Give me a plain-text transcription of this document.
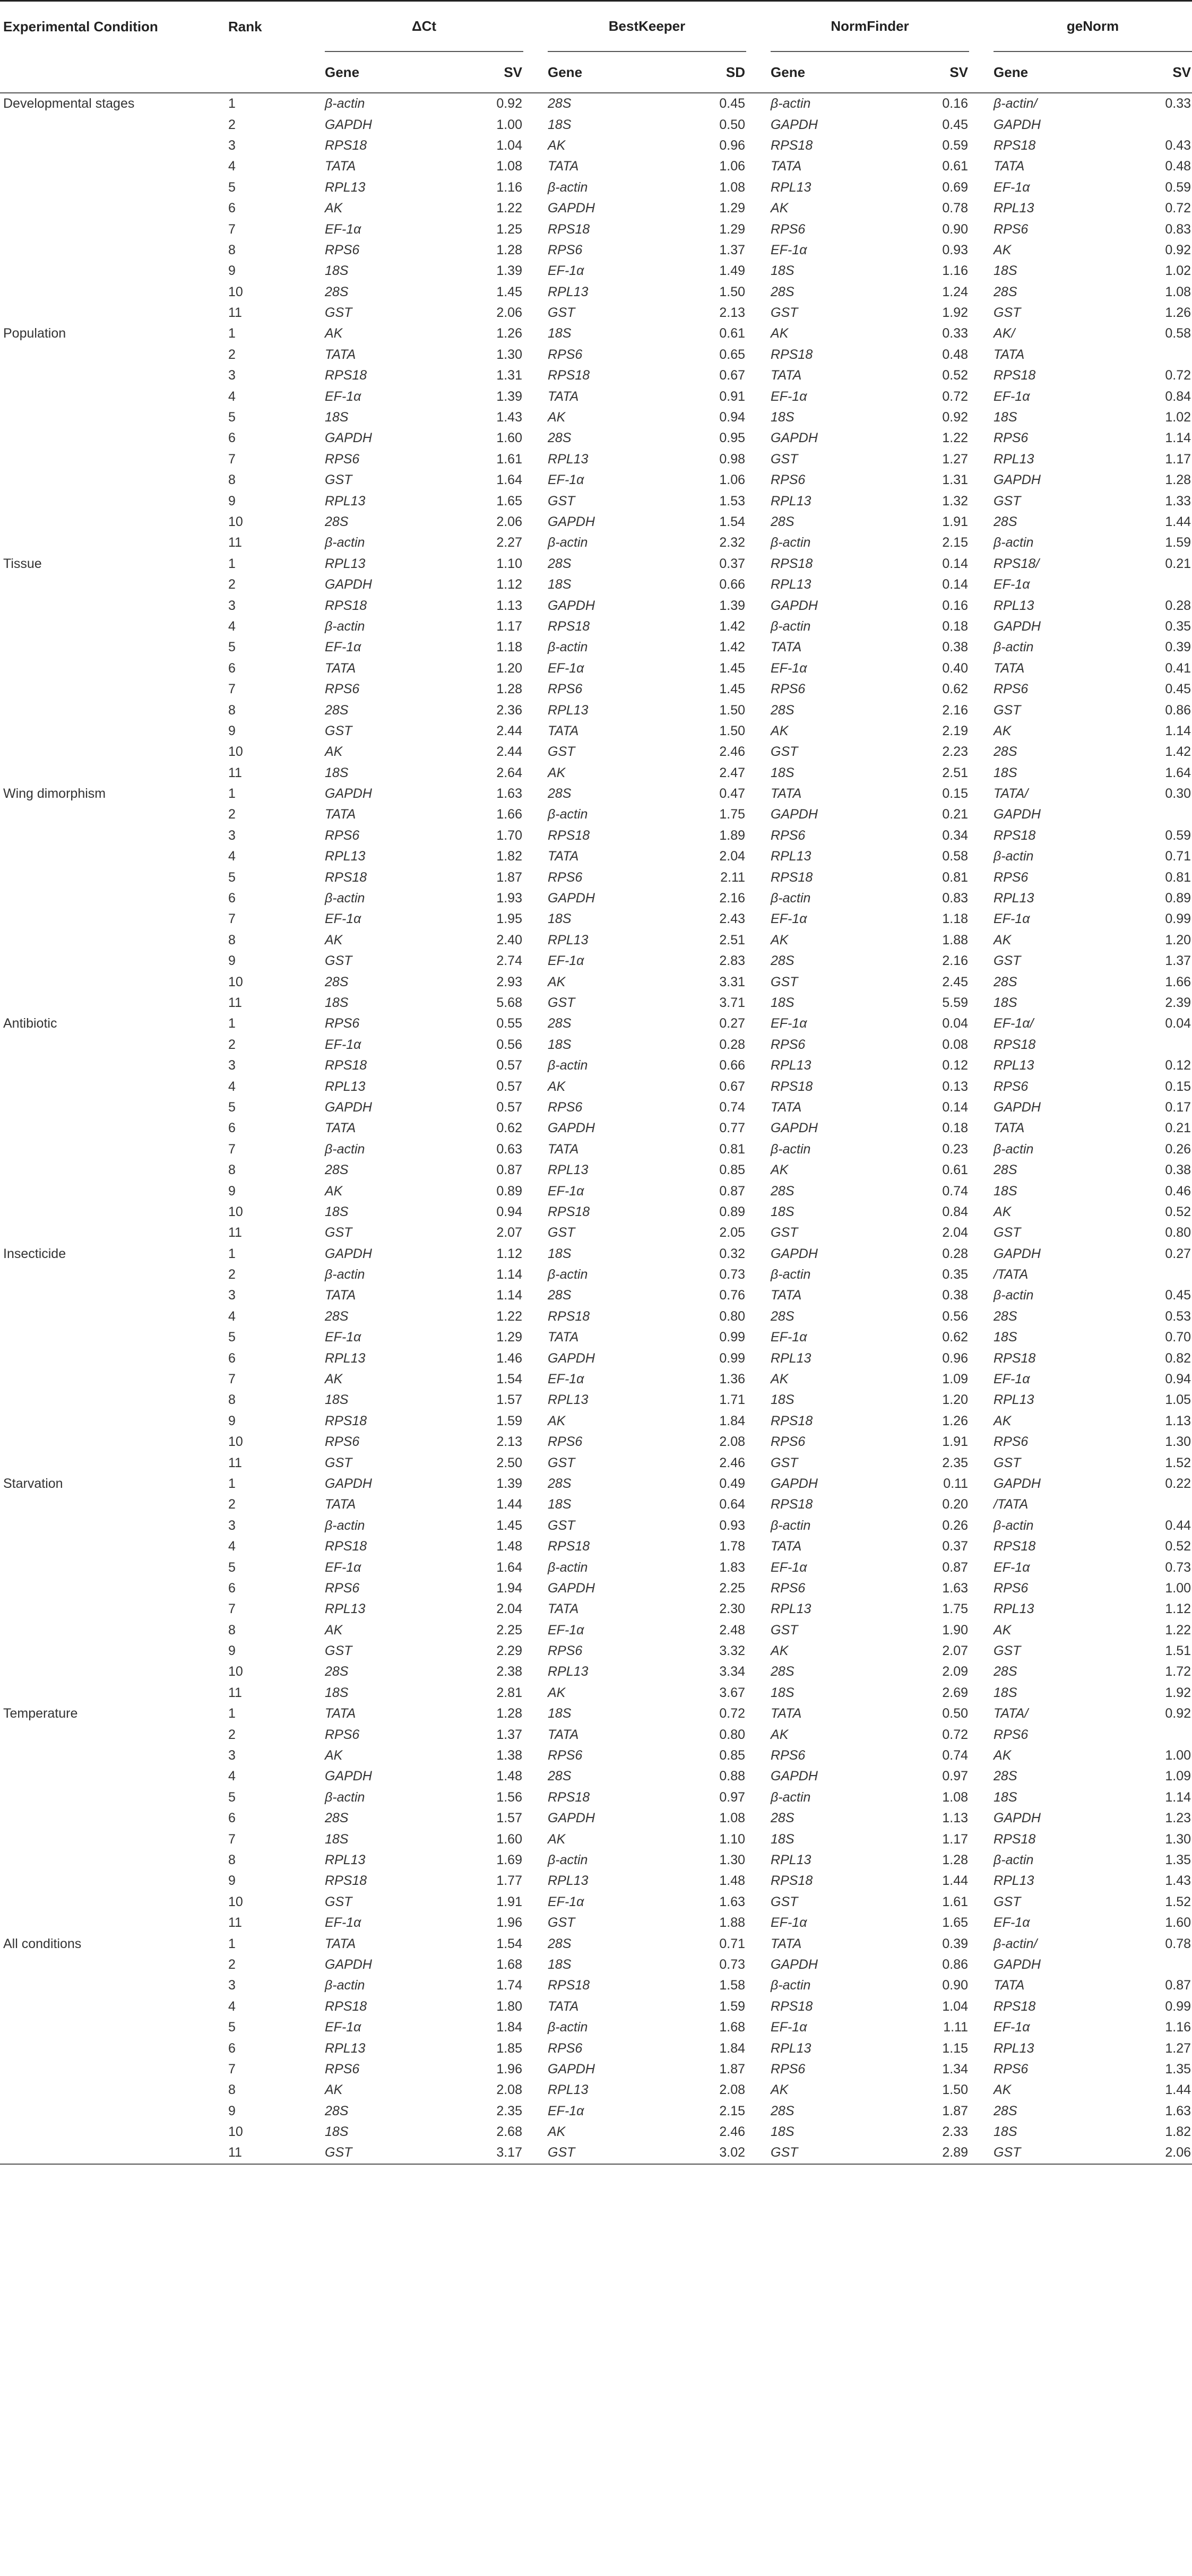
Experimental Condition	Rank	ΔCt			BestKeeper			NormFinder			geNorm	
		Gene	SV		Gene	SD		Gene	SV		Gene	SV
Developmental stages	1	β-actin	0.92		28S	0.45		β-actin	0.16		β-actin/	0.33
	2	GAPDH	1.00		18S	0.50		GAPDH	0.45		GAPDH	
	3	RPS18	1.04		AK	0.96		RPS18	0.59		RPS18	0.43
	4	TATA	1.08		TATA	1.06		TATA	0.61		TATA	0.48
	5	RPL13	1.16		β-actin	1.08		RPL13	0.69		EF-1α	0.59
	6	AK	1.22		GAPDH	1.29		AK	0.78		RPL13	0.72
	7	EF-1α	1.25		RPS18	1.29		RPS6	0.90		RPS6	0.83
	8	RPS6	1.28		RPS6	1.37		EF-1α	0.93		AK	0.92
	9	18S	1.39		EF-1α	1.49		18S	1.16		18S	1.02
	10	28S	1.45		RPL13	1.50		28S	1.24		28S	1.08
	11	GST	2.06		GST	2.13		GST	1.92		GST	1.26
Population	1	AK	1.26		18S	0.61		AK	0.33		AK/	0.58
	2	TATA	1.30		RPS6	0.65		RPS18	0.48		TATA	
	3	RPS18	1.31		RPS18	0.67		TATA	0.52		RPS18	0.72
	4	EF-1α	1.39		TATA	0.91		EF-1α	0.72		EF-1α	0.84
	5	18S	1.43		AK	0.94		18S	0.92		18S	1.02
	6	GAPDH	1.60		28S	0.95		GAPDH	1.22		RPS6	1.14
	7	RPS6	1.61		RPL13	0.98		GST	1.27		RPL13	1.17
	8	GST	1.64		EF-1α	1.06		RPS6	1.31		GAPDH	1.28
	9	RPL13	1.65		GST	1.53		RPL13	1.32		GST	1.33
	10	28S	2.06		GAPDH	1.54		28S	1.91		28S	1.44
	11	β-actin	2.27		β-actin	2.32		β-actin	2.15		β-actin	1.59
Tissue	1	RPL13	1.10		28S	0.37		RPS18	0.14		RPS18/	0.21
	2	GAPDH	1.12		18S	0.66		RPL13	0.14		EF-1α	
	3	RPS18	1.13		GAPDH	1.39		GAPDH	0.16		RPL13	0.28
	4	β-actin	1.17		RPS18	1.42		β-actin	0.18		GAPDH	0.35
	5	EF-1α	1.18		β-actin	1.42		TATA	0.38		β-actin	0.39
	6	TATA	1.20		EF-1α	1.45		EF-1α	0.40		TATA	0.41
	7	RPS6	1.28		RPS6	1.45		RPS6	0.62		RPS6	0.45
	8	28S	2.36		RPL13	1.50		28S	2.16		GST	0.86
	9	GST	2.44		TATA	1.50		AK	2.19		AK	1.14
	10	AK	2.44		GST	2.46		GST	2.23		28S	1.42
	11	18S	2.64		AK	2.47		18S	2.51		18S	1.64
Wing dimorphism	1	GAPDH	1.63		28S	0.47		TATA	0.15		TATA/	0.30
	2	TATA	1.66		β-actin	1.75		GAPDH	0.21		GAPDH	
	3	RPS6	1.70		RPS18	1.89		RPS6	0.34		RPS18	0.59
	4	RPL13	1.82		TATA	2.04		RPL13	0.58		β-actin	0.71
	5	RPS18	1.87		RPS6	2.11		RPS18	0.81		RPS6	0.81
	6	β-actin	1.93		GAPDH	2.16		β-actin	0.83		RPL13	0.89
	7	EF-1α	1.95		18S	2.43		EF-1α	1.18		EF-1α	0.99
	8	AK	2.40		RPL13	2.51		AK	1.88		AK	1.20
	9	GST	2.74		EF-1α	2.83		28S	2.16		GST	1.37
	10	28S	2.93		AK	3.31		GST	2.45		28S	1.66
	11	18S	5.68		GST	3.71		18S	5.59		18S	2.39
Antibiotic	1	RPS6	0.55		28S	0.27		EF-1α	0.04		EF-1α/	0.04
	2	EF-1α	0.56		18S	0.28		RPS6	0.08		RPS18	
	3	RPS18	0.57		β-actin	0.66		RPL13	0.12		RPL13	0.12
	4	RPL13	0.57		AK	0.67		RPS18	0.13		RPS6	0.15
	5	GAPDH	0.57		RPS6	0.74		TATA	0.14		GAPDH	0.17
	6	TATA	0.62		GAPDH	0.77		GAPDH	0.18		TATA	0.21
	7	β-actin	0.63		TATA	0.81		β-actin	0.23		β-actin	0.26
	8	28S	0.87		RPL13	0.85		AK	0.61		28S	0.38
	9	AK	0.89		EF-1α	0.87		28S	0.74		18S	0.46
	10	18S	0.94		RPS18	0.89		18S	0.84		AK	0.52
	11	GST	2.07		GST	2.05		GST	2.04		GST	0.80
Insecticide	1	GAPDH	1.12		18S	0.32		GAPDH	0.28		GAPDH	0.27
	2	β-actin	1.14		β-actin	0.73		β-actin	0.35		/TATA	
	3	TATA	1.14		28S	0.76		TATA	0.38		β-actin	0.45
	4	28S	1.22		RPS18	0.80		28S	0.56		28S	0.53
	5	EF-1α	1.29		TATA	0.99		EF-1α	0.62		18S	0.70
	6	RPL13	1.46		GAPDH	0.99		RPL13	0.96		RPS18	0.82
	7	AK	1.54		EF-1α	1.36		AK	1.09		EF-1α	0.94
	8	18S	1.57		RPL13	1.71		18S	1.20		RPL13	1.05
	9	RPS18	1.59		AK	1.84		RPS18	1.26		AK	1.13
	10	RPS6	2.13		RPS6	2.08		RPS6	1.91		RPS6	1.30
	11	GST	2.50		GST	2.46		GST	2.35		GST	1.52
Starvation	1	GAPDH	1.39		28S	0.49		GAPDH	0.11		GAPDH	0.22
	2	TATA	1.44		18S	0.64		RPS18	0.20		/TATA	
	3	β-actin	1.45		GST	0.93		β-actin	0.26		β-actin	0.44
	4	RPS18	1.48		RPS18	1.78		TATA	0.37		RPS18	0.52
	5	EF-1α	1.64		β-actin	1.83		EF-1α	0.87		EF-1α	0.73
	6	RPS6	1.94		GAPDH	2.25		RPS6	1.63		RPS6	1.00
	7	RPL13	2.04		TATA	2.30		RPL13	1.75		RPL13	1.12
	8	AK	2.25		EF-1α	2.48		GST	1.90		AK	1.22
	9	GST	2.29		RPS6	3.32		AK	2.07		GST	1.51
	10	28S	2.38		RPL13	3.34		28S	2.09		28S	1.72
	11	18S	2.81		AK	3.67		18S	2.69		18S	1.92
Temperature	1	TATA	1.28		18S	0.72		TATA	0.50		TATA/	0.92
	2	RPS6	1.37		TATA	0.80		AK	0.72		RPS6	
	3	AK	1.38		RPS6	0.85		RPS6	0.74		AK	1.00
	4	GAPDH	1.48		28S	0.88		GAPDH	0.97		28S	1.09
	5	β-actin	1.56		RPS18	0.97		β-actin	1.08		18S	1.14
	6	28S	1.57		GAPDH	1.08		28S	1.13		GAPDH	1.23
	7	18S	1.60		AK	1.10		18S	1.17		RPS18	1.30
	8	RPL13	1.69		β-actin	1.30		RPL13	1.28		β-actin	1.35
	9	RPS18	1.77		RPL13	1.48		RPS18	1.44		RPL13	1.43
	10	GST	1.91		EF-1α	1.63		GST	1.61		GST	1.52
	11	EF-1α	1.96		GST	1.88		EF-1α	1.65		EF-1α	1.60
All conditions	1	TATA	1.54		28S	0.71		TATA	0.39		β-actin/	0.78
	2	GAPDH	1.68		18S	0.73		GAPDH	0.86		GAPDH	
	3	β-actin	1.74		RPS18	1.58		β-actin	0.90		TATA	0.87
	4	RPS18	1.80		TATA	1.59		RPS18	1.04		RPS18	0.99
	5	EF-1α	1.84		β-actin	1.68		EF-1α	1.11		EF-1α	1.16
	6	RPL13	1.85		RPS6	1.84		RPL13	1.15		RPL13	1.27
	7	RPS6	1.96		GAPDH	1.87		RPS6	1.34		RPS6	1.35
	8	AK	2.08		RPL13	2.08		AK	1.50		AK	1.44
	9	28S	2.35		EF-1α	2.15		28S	1.87		28S	1.63
	10	18S	2.68		AK	2.46		18S	2.33		18S	1.82
	11	GST	3.17		GST	3.02		GST	2.89		GST	2.06
